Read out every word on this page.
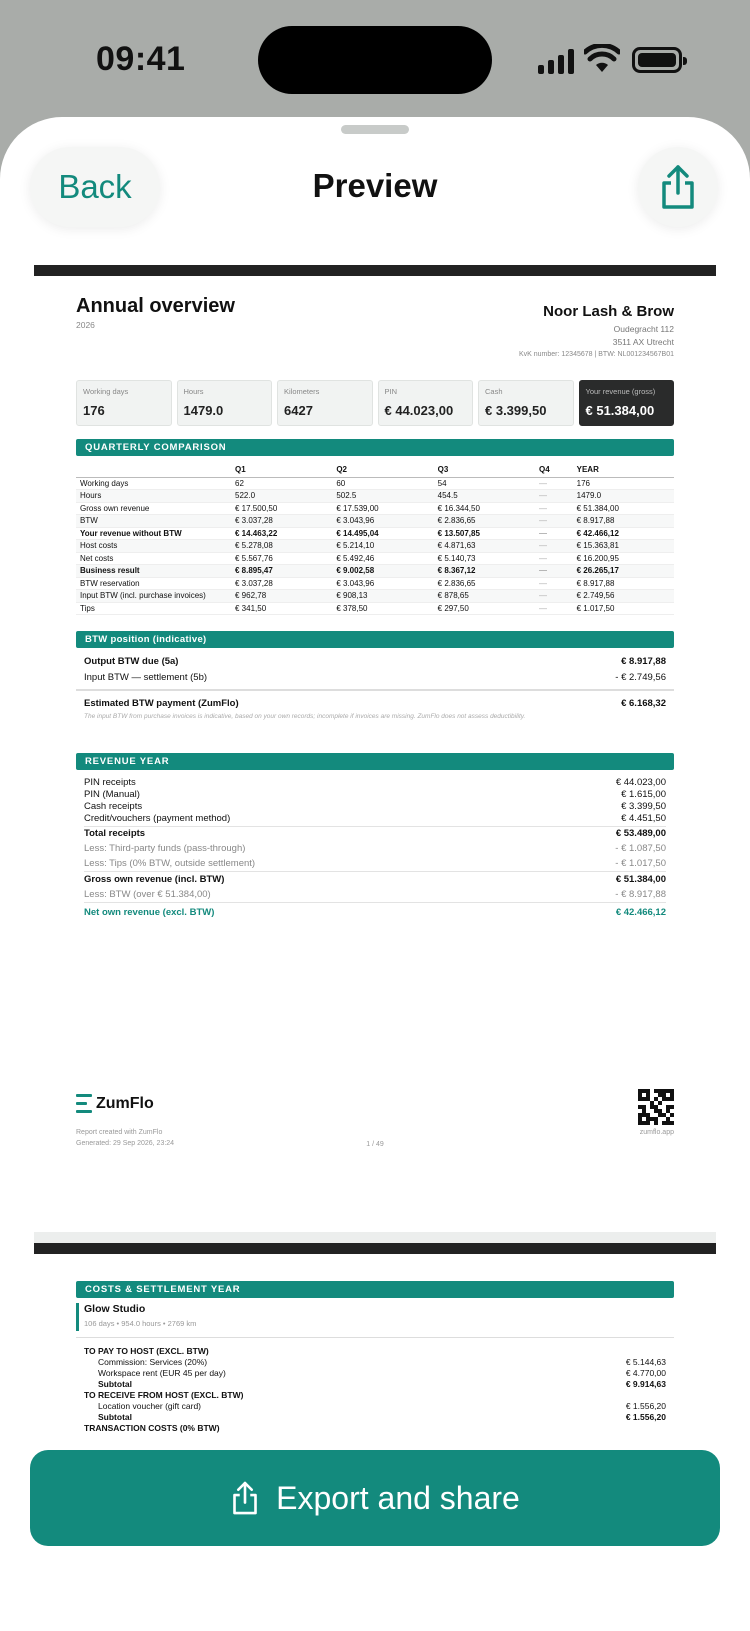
09:41
Back	Preview
Annual overview
2026
Noor Lash & Brow
Oudegracht 112
3511 AX Utrecht
KvK number: 12345678 | BTW: NL001234567B01
Working days
176
Hours
1479.0
Kilometers
6427
PIN
€ 44.023,00
Cash
€ 3.399,50
Your revenue (gross)
€ 51.384,00
QUARTERLY COMPARISON
	Q1	Q2	Q3	Q4	YEAR
Working days	62	60	54	—	176
Hours	522.0	502.5	454.5	—	1479.0
Gross own revenue	€ 17.500,50	€ 17.539,00	€ 16.344,50	—	€ 51.384,00
BTW	€ 3.037,28	€ 3.043,96	€ 2.836,65	—	€ 8.917,88
Your revenue without BTW	€ 14.463,22	€ 14.495,04	€ 13.507,85	—	€ 42.466,12
Host costs	€ 5.278,08	€ 5.214,10	€ 4.871,63	—	€ 15.363,81
Net costs	€ 5.567,76	€ 5.492,46	€ 5.140,73	—	€ 16.200,95
Business result	€ 8.895,47	€ 9.002,58	€ 8.367,12	—	€ 26.265,17
BTW reservation	€ 3.037,28	€ 3.043,96	€ 2.836,65	—	€ 8.917,88
Input BTW (incl. purchase invoices)	€ 962,78	€ 908,13	€ 878,65	—	€ 2.749,56
Tips	€ 341,50	€ 378,50	€ 297,50	—	€ 1.017,50
BTW position (indicative)
Output BTW due (5a)	€ 8.917,88
Input BTW — settlement (5b)	- € 2.749,56
Estimated BTW payment (ZumFlo)	€ 6.168,32
The input BTW from purchase invoices is indicative, based on your own records; incomplete if invoices are missing. ZumFlo does not assess deductibility.
REVENUE YEAR
PIN receipts	€ 44.023,00
PIN (Manual)	€ 1.615,00
Cash receipts	€ 3.399,50
Credit/vouchers (payment method)	€ 4.451,50
Total receipts	€ 53.489,00
Less: Third-party funds (pass-through)	- € 1.087,50
Less: Tips (0% BTW, outside settlement)	- € 1.017,50
Gross own revenue (incl. BTW)	€ 51.384,00
Less: BTW (over € 51.384,00)	- € 8.917,88
Net own revenue (excl. BTW)	€ 42.466,12
ZumFlo
Report created with ZumFlo
Generated: 29 Sep 2026, 23:24	1 / 49
zumflo.app
COSTS & SETTLEMENT YEAR
Glow Studio
106 days • 954.0 hours • 2769 km
TO PAY TO HOST (EXCL. BTW)
Commission: Services (20%)	€ 5.144,63
Workspace rent (EUR 45 per day)	€ 4.770,00
Subtotal	€ 9.914,63
TO RECEIVE FROM HOST (EXCL. BTW)
Location voucher (gift card)	€ 1.556,20
Subtotal	€ 1.556,20
TRANSACTION COSTS (0% BTW)
Export and share
